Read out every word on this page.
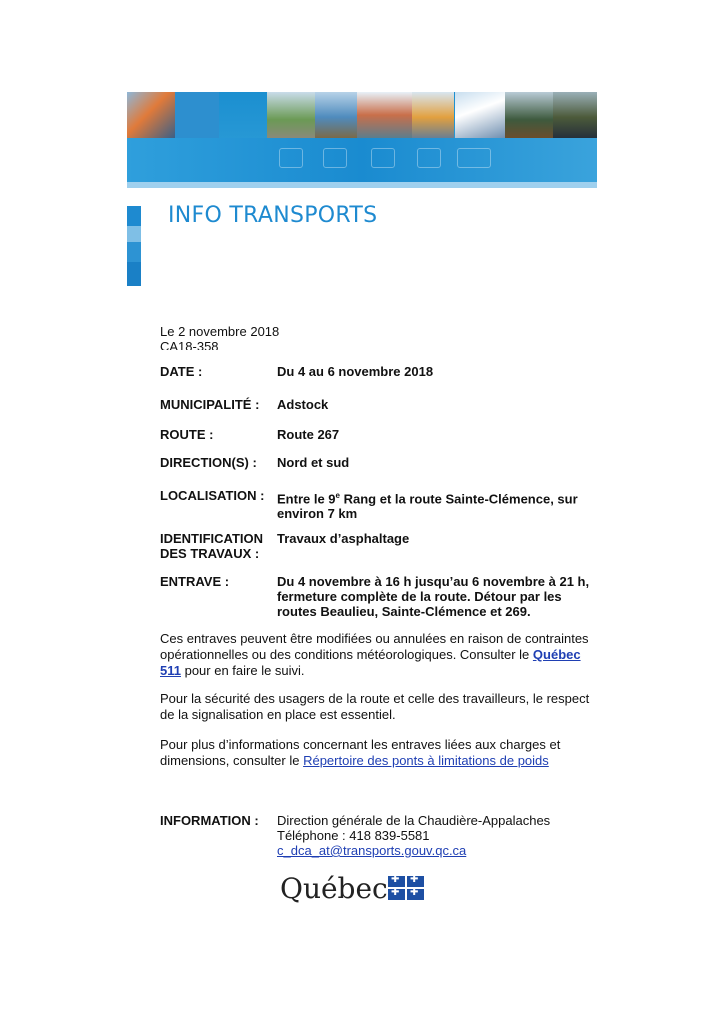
INFO TRANSPORTS
Le 2 novembre 2018
CA18-358
DATE :	Du 4 au 6 novembre 2018
MUNICIPALITÉ : Adstock
ROUTE :	Route 267
DIRECTION(S) : Nord et sud
LOCALISATION : Entre le 9e Rang et la route Sainte-Clémence, sur environ 7 km
IDENTIFICATION DES TRAVAUX :
Travaux d’asphaltage
ENTRAVE :	Du 4 novembre à 16 h jusqu’au 6 novembre à 21 h, fermeture complète de la route. Détour par les routes Beaulieu, Sainte-Clémence et 269.
Ces entraves peuvent être modifiées ou annulées en raison de contraintes opérationnelles ou des conditions météorologiques. Consulter le Québec 511 pour en faire le suivi.
Pour la sécurité des usagers de la route et celle des travailleurs, le respect de la signalisation en place est essentiel.
Pour plus d’informations concernant les entraves liées aux charges et dimensions, consulter le Répertoire des ponts à limitations de poids
INFORMATION : Direction générale de la Chaudière-Appalaches
Téléphone : 418 839-5581
c_dca_at@transports.gouv.qc.ca
Québec
✚
✚
✚
✚
